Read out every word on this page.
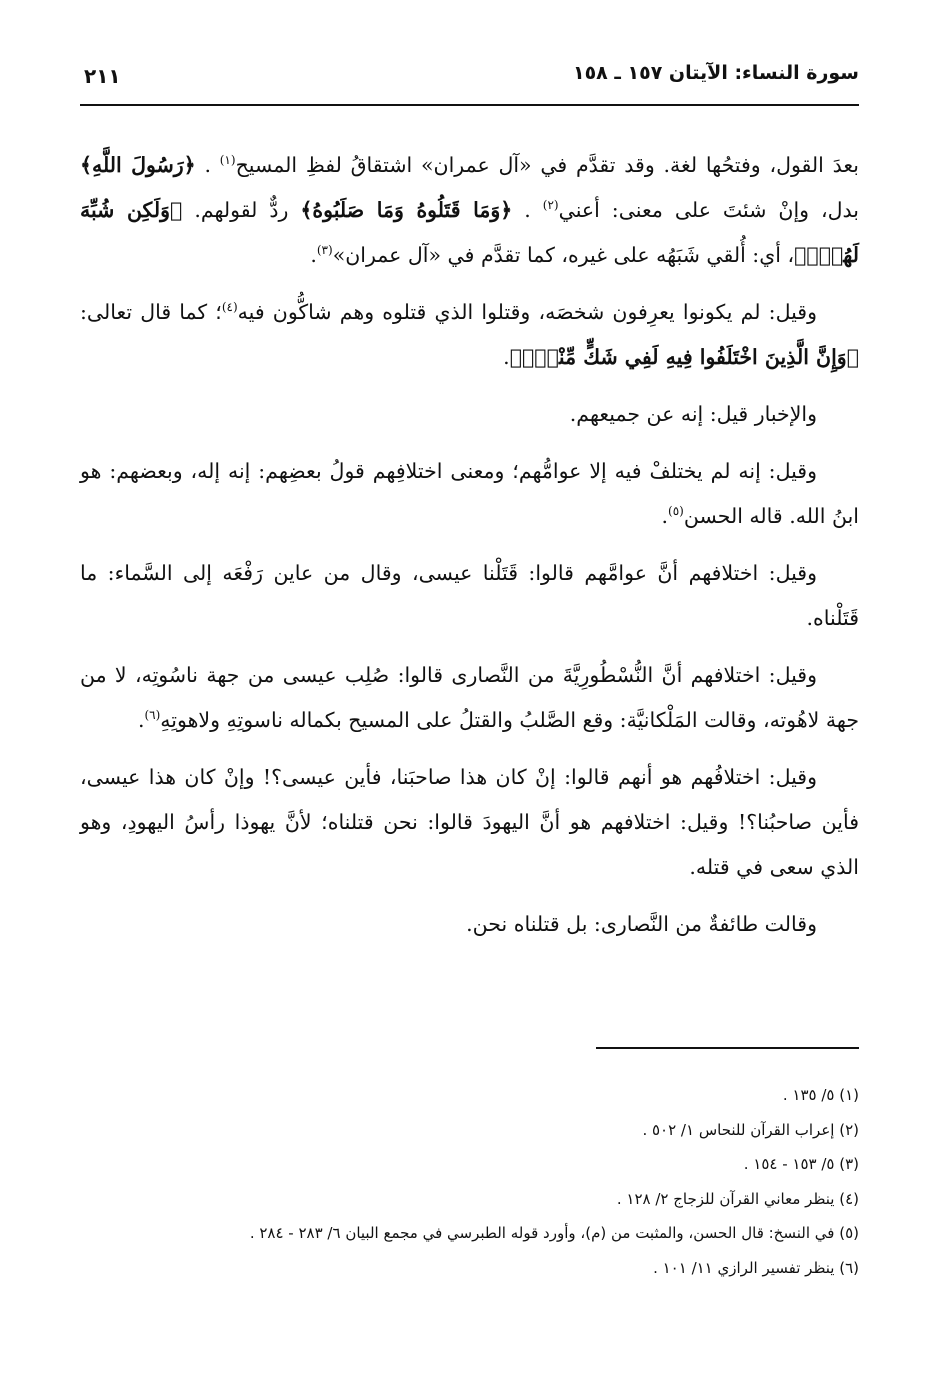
سورة النساء: الآيتان ١٥٧ ـ ١٥٨
٢١١

بعدَ القول، وفتحُها لغة. وقد تقدَّم في «آل عمران» اشتقاقُ لفظِ المسيح$^{(١)}$ . ﴿رَسُولَ اللَّهِ﴾ بدل، وإنْ شئتَ على معنى: أعني$^{(٢)}$ . ﴿وَمَا قَتَلُوهُ وَمَا صَلَبُوهُ﴾ ردٌّ لقولهم. ﴿وَلَكِن شُبِّهَ لَهُمْۚ﴾، أي: أُلقي شَبَهُه على غيره، كما تقدَّم في «آل عمران»$^{(٣)}$.

وقيل: لم يكونوا يعرِفون شخصَه، وقتلوا الذي قتلوه وهم شاكُّون فيه$^{(٤)}$؛ كما قال تعالى: ﴿وَإِنَّ الَّذِينَ اخْتَلَفُوا فِيهِ لَفِي شَكٍّ مِّنْهُۚ﴾.

والإخبار قيل: إنه عن جميعهم.

وقيل: إنه لم يختلفْ فيه إلا عوامُّهم؛ ومعنى اختلافِهم قولُ بعضِهم: إنه إله، وبعضهم: هو ابنُ الله. قاله الحسن$^{(٥)}$.

وقيل: اختلافهم أنَّ عوامَّهم قالوا: قَتَلْنا عيسى، وقال من عاين رَفْعَه إلى السَّماء: ما قَتَلْناه.

وقيل: اختلافهم أنَّ النُّسْطُورِيَّةَ من النَّصارى قالوا: صُلِب عيسى من جهة ناسُوتِه، لا من جهة لاهُوته، وقالت المَلْكانيَّة: وقع الصَّلبُ والقتلُ على المسيح بكماله ناسوتِهِ ولاهوتِهِ$^{(٦)}$.

وقيل: اختلافُهم هو أنهم قالوا: إنْ كان هذا صاحبَنا، فأين عيسى؟! وإنْ كان هذا عيسى، فأين صاحبُنا؟! وقيل: اختلافهم هو أنَّ اليهودَ قالوا: نحن قتلناه؛ لأنَّ يهوذا رأسُ اليهودِ، وهو الذي سعى في قتله.

وقالت طائفةٌ من النَّصارى: بل قتلناه نحن.

(١) ٥/ ١٣٥ .
(٢) إعراب القرآن للنحاس ١/ ٥٠٢ .
(٣) ٥/ ١٥٣ - ١٥٤ .
(٤) ينظر معاني القرآن للزجاج ٢/ ١٢٨ .
(٥) في النسخ: قال الحسن، والمثبت من (م)، وأورد قوله الطبرسي في مجمع البيان ٦/ ٢٨٣ - ٢٨٤ .
(٦) ينظر تفسير الرازي ١١/ ١٠١ .
